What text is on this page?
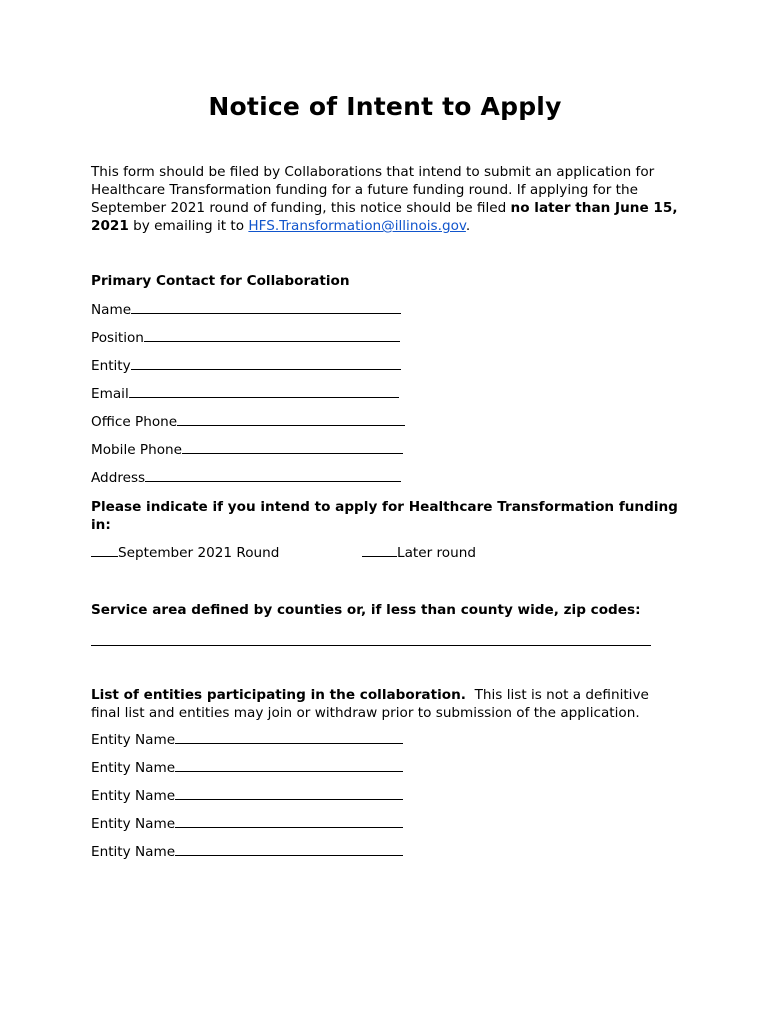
Notice of Intent to Apply
This form should be filed by Collaborations that intend to submit an application for Healthcare Transformation funding for a future funding round. If applying for the September 2021 round of funding, this notice should be filed no later than June 15, 2021 by emailing it to HFS.Transformation@illinois.gov.
Primary Contact for Collaboration
Name
Position
Entity
Email
Office Phone
Mobile Phone
Address
Please indicate if you intend to apply for Healthcare Transformation funding in:
September 2021 Round	Later round
Service area defined by counties or, if less than county wide, zip codes:
List of entities participating in the collaboration.  This list is not a definitive final list and entities may join or withdraw prior to submission of the application.
Entity Name
Entity Name
Entity Name
Entity Name
Entity Name
